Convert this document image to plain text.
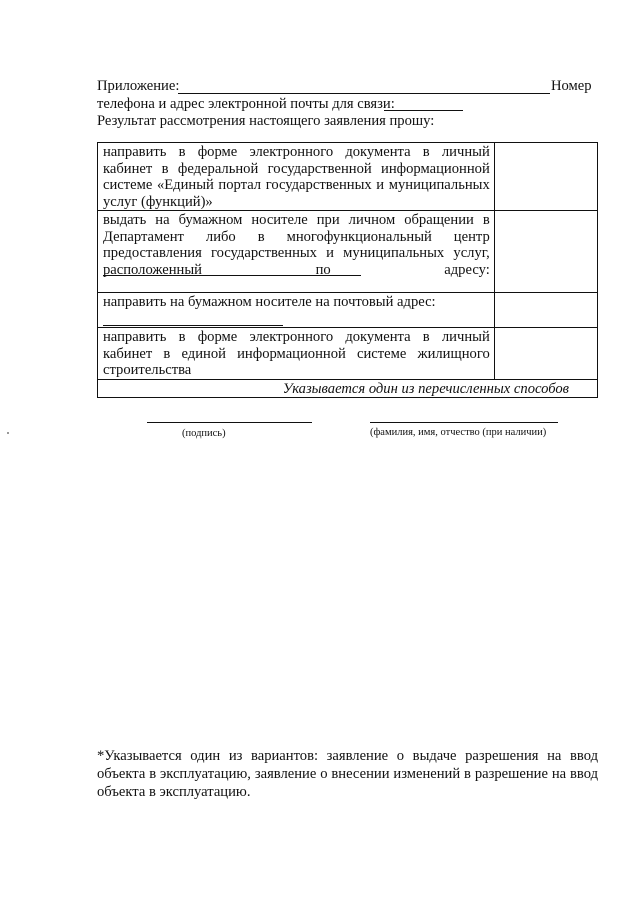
Приложение:	Номер
телефона и адрес электронной почты для связи:
Результат рассмотрения настоящего заявления прошу:
направить в форме электронного документа в личный кабинет в федеральной государственной информационной системе «Единый портал государственных и муниципальных услуг (функций)»	

выдать на бумажном носителе при личном обращении в Департамент либо в многофункциональный центр предоставления государственных и муниципальных услуг, расположенный по адресу:	

направить на бумажном носителе на почтовый адрес:	

направить в форме электронного документа в личный кабинет в единой информационной системе жилищного строительства	
Указывается один из перечисленных способов	
(подпись)	(фамилия, имя, отчество (при наличии)
*Указывается один из вариантов: заявление о выдаче разрешения на ввод объекта в эксплуатацию, заявление о внесении изменений в разрешение на ввод объекта в эксплуатацию.
